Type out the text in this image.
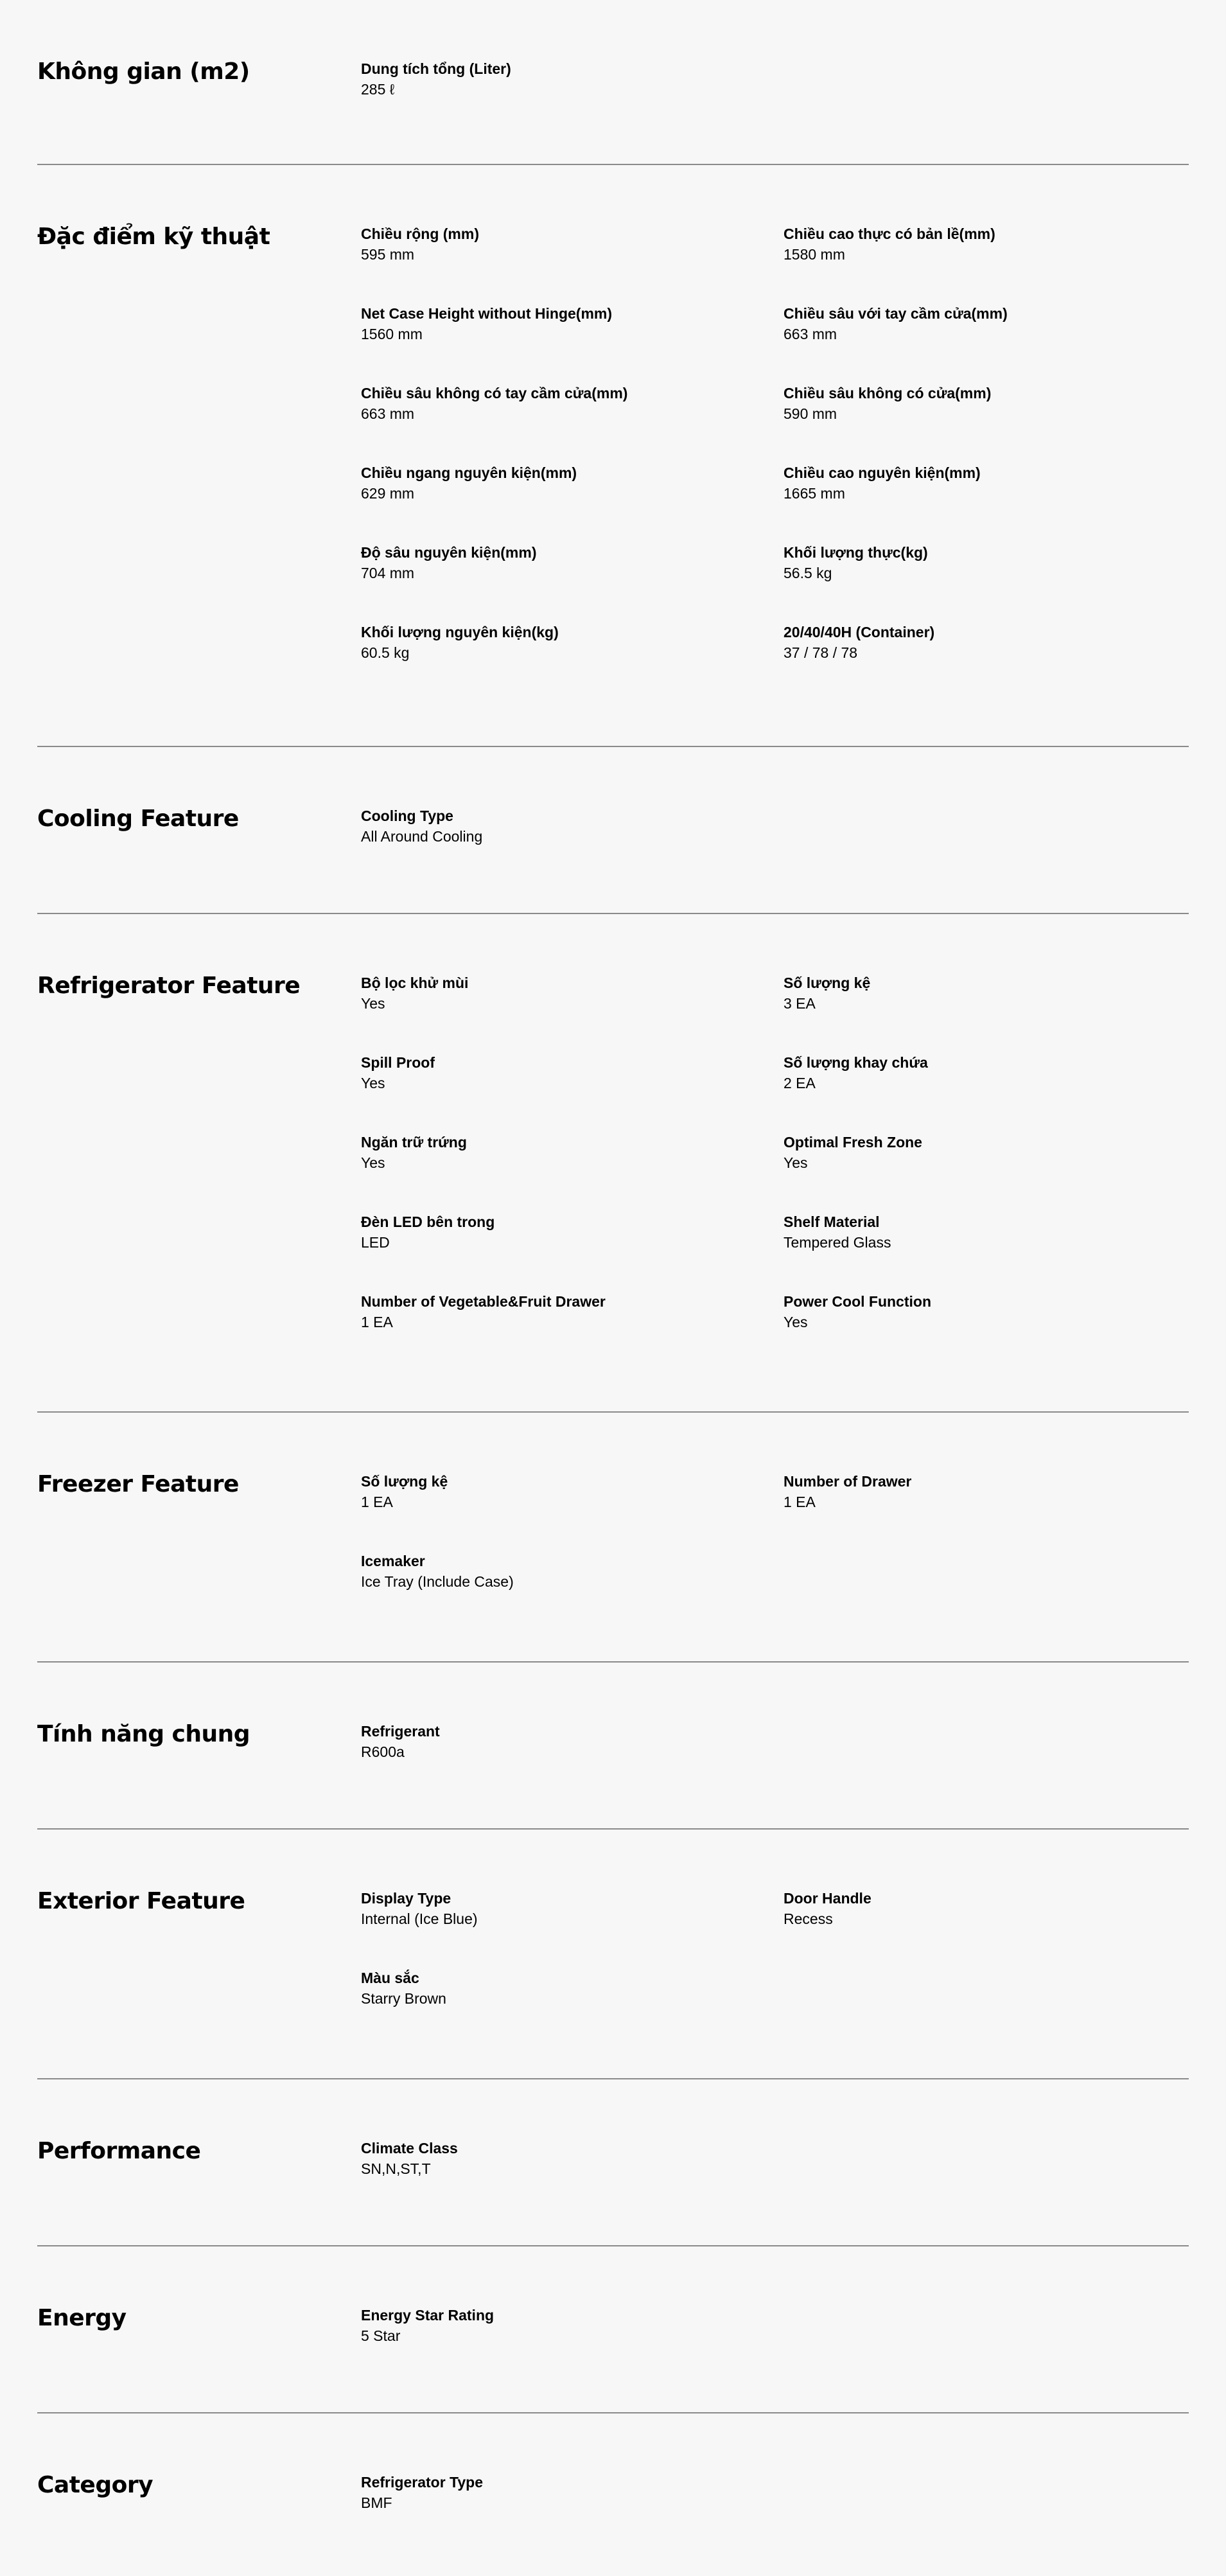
Không gian (m2)	Dung tích tổng (Liter)
285 ℓ
Đặc điểm kỹ thuật	Chiều rộng (mm)
595 mm
Chiều cao thực có bản lề(mm)
1580 mm
Net Case Height without Hinge(mm)
1560 mm
Chiều sâu với tay cầm cửa(mm)
663 mm
Chiều sâu không có tay cầm cửa(mm)
663 mm
Chiều sâu không có cửa(mm)
590 mm
Chiều ngang nguyên kiện(mm)
629 mm
Chiều cao nguyên kiện(mm)
1665 mm
Độ sâu nguyên kiện(mm)
704 mm
Khối lượng thực(kg)
56.5 kg
Khối lượng nguyên kiện(kg)
60.5 kg
20/40/40H (Container)
37 / 78 / 78
Cooling Feature	Cooling Type
All Around Cooling
Refrigerator Feature	Bộ lọc khử mùi
Yes
Số lượng kệ
3 EA
Spill Proof
Yes
Số lượng khay chứa
2 EA
Ngăn trữ trứng
Yes
Optimal Fresh Zone
Yes
Đèn LED bên trong
LED
Shelf Material
Tempered Glass
Number of Vegetable&Fruit Drawer
1 EA
Power Cool Function
Yes
Freezer Feature	Số lượng kệ
1 EA
Number of Drawer
1 EA
Icemaker
Ice Tray (Include Case)
Tính năng chung	Refrigerant
R600a
Exterior Feature	Display Type
Internal (Ice Blue)
Door Handle
Recess
Màu sắc
Starry Brown
Performance	Climate Class
SN,N,ST,T
Energy	Energy Star Rating
5 Star
Category	Refrigerator Type
BMF
